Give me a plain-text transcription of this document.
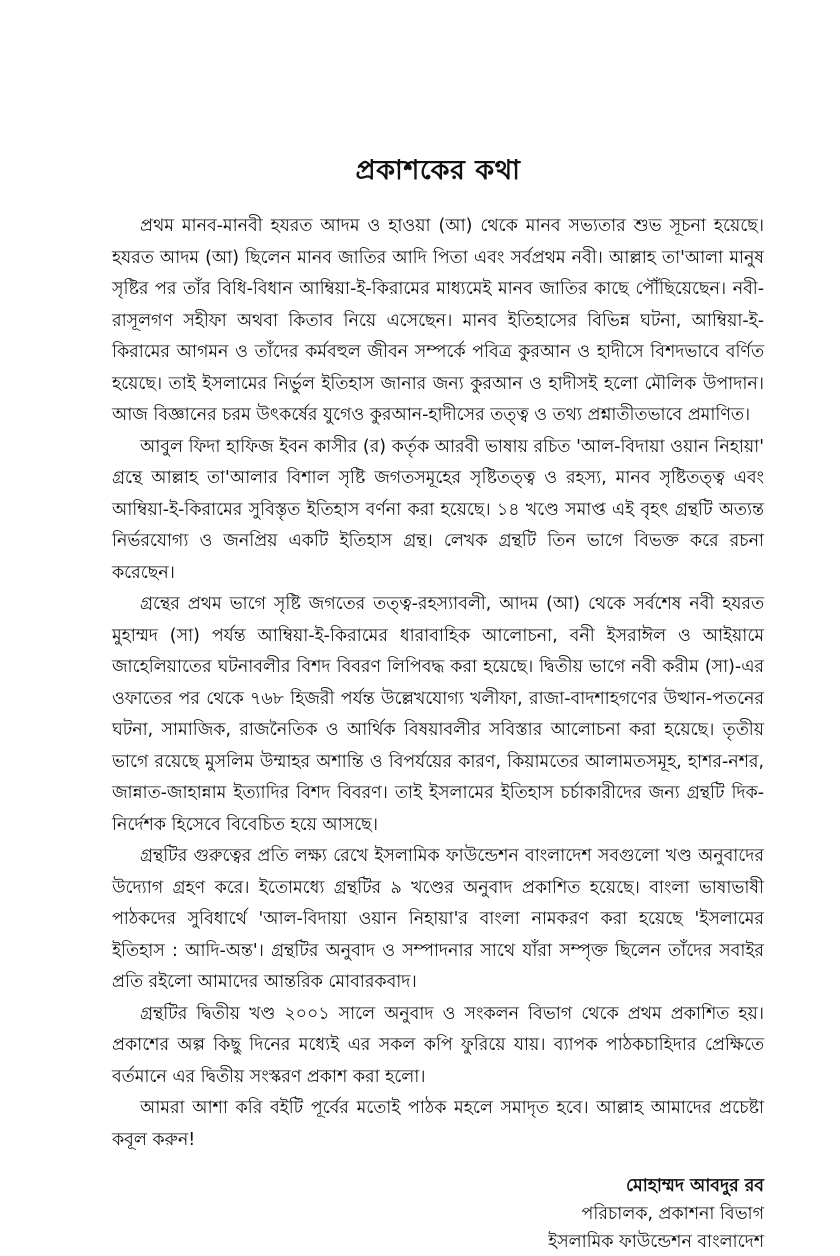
প্রকাশকের কথা

প্রথম মানব-মানবী হযরত আদম ও হাওয়া (আ) থেকে মানব সভ্যতার শুভ সূচনা হয়েছে। হযরত আদম (আ) ছিলেন মানব জাতির আদি পিতা এবং সর্বপ্রথম নবী। আল্লাহ তা'আলা মানুষ সৃষ্টির পর তাঁর বিধি-বিধান আম্বিয়া-ই-কিরামের মাধ্যমেই মানব জাতির কাছে পৌঁছিয়েছেন। নবী-রাসূলগণ সহীফা অথবা কিতাব নিয়ে এসেছেন। মানব ইতিহাসের বিভিন্ন ঘটনা, আম্বিয়া-ই-কিরামের আগমন ও তাঁদের কর্মবহুল জীবন সম্পর্কে পবিত্র কুরআন ও হাদীসে বিশদভাবে বর্ণিত হয়েছে। তাই ইসলামের নির্ভুল ইতিহাস জানার জন্য কুরআন ও হাদীসই হলো মৌলিক উপাদান। আজ বিজ্ঞানের চরম উৎকর্ষের যুগেও কুরআন-হাদীসের তত্ত্ব ও তথ্য প্রশ্নাতীতভাবে প্রমাণিত।

আবুল ফিদা হাফিজ ইবন কাসীর (র) কর্তৃক আরবী ভাষায় রচিত 'আল-বিদায়া ওয়ান নিহায়া' গ্রন্থে আল্লাহ তা'আলার বিশাল সৃষ্টি জগতসমূহের সৃষ্টিতত্ত্ব ও রহস্য, মানব সৃষ্টিতত্ত্ব এবং আম্বিয়া-ই-কিরামের সুবিস্তৃত ইতিহাস বর্ণনা করা হয়েছে। ১৪ খণ্ডে সমাপ্ত এই বৃহৎ গ্রন্থটি অত্যন্ত নির্ভরযোগ্য ও জনপ্রিয় একটি ইতিহাস গ্রন্থ। লেখক গ্রন্থটি তিন ভাগে বিভক্ত করে রচনা করেছেন।

গ্রন্থের প্রথম ভাগে সৃষ্টি জগতের তত্ত্ব-রহস্যাবলী, আদম (আ) থেকে সর্বশেষ নবী হযরত মুহাম্মদ (সা) পর্যন্ত আম্বিয়া-ই-কিরামের ধারাবাহিক আলোচনা, বনী ইসরাঈল ও আইয়ামে জাহেলিয়াতের ঘটনাবলীর বিশদ বিবরণ লিপিবদ্ধ করা হয়েছে। দ্বিতীয় ভাগে নবী করীম (সা)-এর ওফাতের পর থেকে ৭৬৮ হিজরী পর্যন্ত উল্লেখযোগ্য খলীফা, রাজা-বাদশাহগণের উত্থান-পতনের ঘটনা, সামাজিক, রাজনৈতিক ও আর্থিক বিষয়াবলীর সবিস্তার আলোচনা করা হয়েছে। তৃতীয় ভাগে রয়েছে মুসলিম উম্মাহর অশান্তি ও বিপর্যয়ের কারণ, কিয়ামতের আলামতসমূহ, হাশর-নশর, জান্নাত-জাহান্নাম ইত্যাদির বিশদ বিবরণ। তাই ইসলামের ইতিহাস চর্চাকারীদের জন্য গ্রন্থটি দিক-নির্দেশক হিসেবে বিবেচিত হয়ে আসছে।

গ্রন্থটির গুরুত্বের প্রতি লক্ষ্য রেখে ইসলামিক ফাউন্ডেশন বাংলাদেশ সবগুলো খণ্ড অনুবাদের উদ্যোগ গ্রহণ করে। ইতোমধ্যে গ্রন্থটির ৯ খণ্ডের অনুবাদ প্রকাশিত হয়েছে। বাংলা ভাষাভাষী পাঠকদের সুবিধার্থে 'আল-বিদায়া ওয়ান নিহায়া'র বাংলা নামকরণ করা হয়েছে 'ইসলামের ইতিহাস : আদি-অন্ত'। গ্রন্থটির অনুবাদ ও সম্পাদনার সাথে যাঁরা সম্পৃক্ত ছিলেন তাঁদের সবাইর প্রতি রইলো আমাদের আন্তরিক মোবারকবাদ।

গ্রন্থটির দ্বিতীয় খণ্ড ২০০১ সালে অনুবাদ ও সংকলন বিভাগ থেকে প্রথম প্রকাশিত হয়। প্রকাশের অল্প কিছু দিনের মধ্যেই এর সকল কপি ফুরিয়ে যায়। ব্যাপক পাঠকচাহিদার প্রেক্ষিতে বর্তমানে এর দ্বিতীয় সংস্করণ প্রকাশ করা হলো।

আমরা আশা করি বইটি পূর্বের মতোই পাঠক মহলে সমাদৃত হবে। আল্লাহ আমাদের প্রচেষ্টা কবূল করুন!

মোহাম্মদ আবদুর রব

পরিচালক, প্রকাশনা বিভাগ

ইসলামিক ফাউন্ডেশন বাংলাদেশ
